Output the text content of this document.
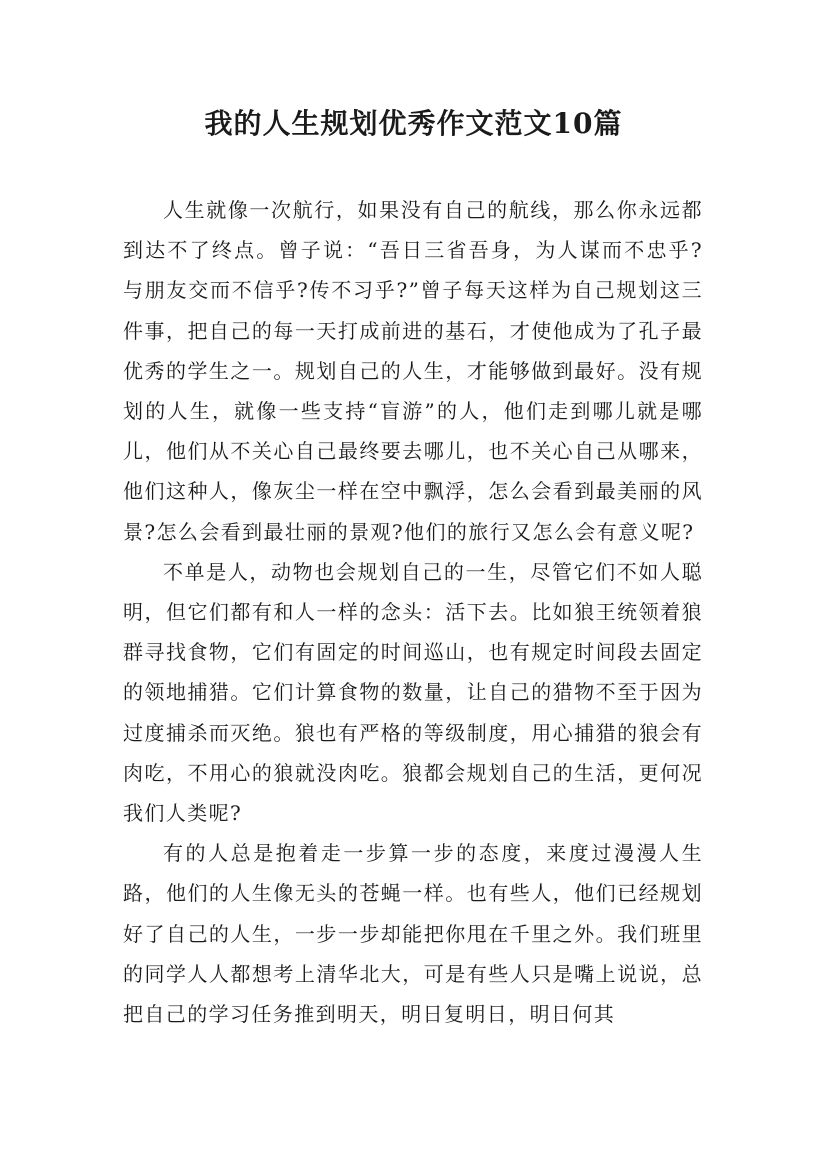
我的人生规划优秀作文范文10篇

人生就像一次航行，如果没有自己的航线，那么你永远都到达不了终点。曾子说：“吾日三省吾身，为人谋而不忠乎?与朋友交而不信乎?传不习乎?”曾子每天这样为自己规划这三件事，把自己的每一天打成前进的基石，才使他成为了孔子最优秀的学生之一。规划自己的人生，才能够做到最好。没有规划的人生，就像一些支持“盲游”的人，他们走到哪儿就是哪儿，他们从不关心自己最终要去哪儿，也不关心自己从哪来，他们这种人，像灰尘一样在空中飘浮，怎么会看到最美丽的风景?怎么会看到最壮丽的景观?他们的旅行又怎么会有意义呢?

不单是人，动物也会规划自己的一生，尽管它们不如人聪明，但它们都有和人一样的念头：活下去。比如狼王统领着狼群寻找食物，它们有固定的时间巡山，也有规定时间段去固定的领地捕猎。它们计算食物的数量，让自己的猎物不至于因为过度捕杀而灭绝。狼也有严格的等级制度，用心捕猎的狼会有肉吃，不用心的狼就没肉吃。狼都会规划自己的生活，更何况我们人类呢?

有的人总是抱着走一步算一步的态度，来度过漫漫人生路，他们的人生像无头的苍蝇一样。也有些人，他们已经规划好了自己的人生，一步一步却能把你甩在千里之外。我们班里的同学人人都想考上清华北大，可是有些人只是嘴上说说，总把自己的学习任务推到明天，明日复明日，明日何其
